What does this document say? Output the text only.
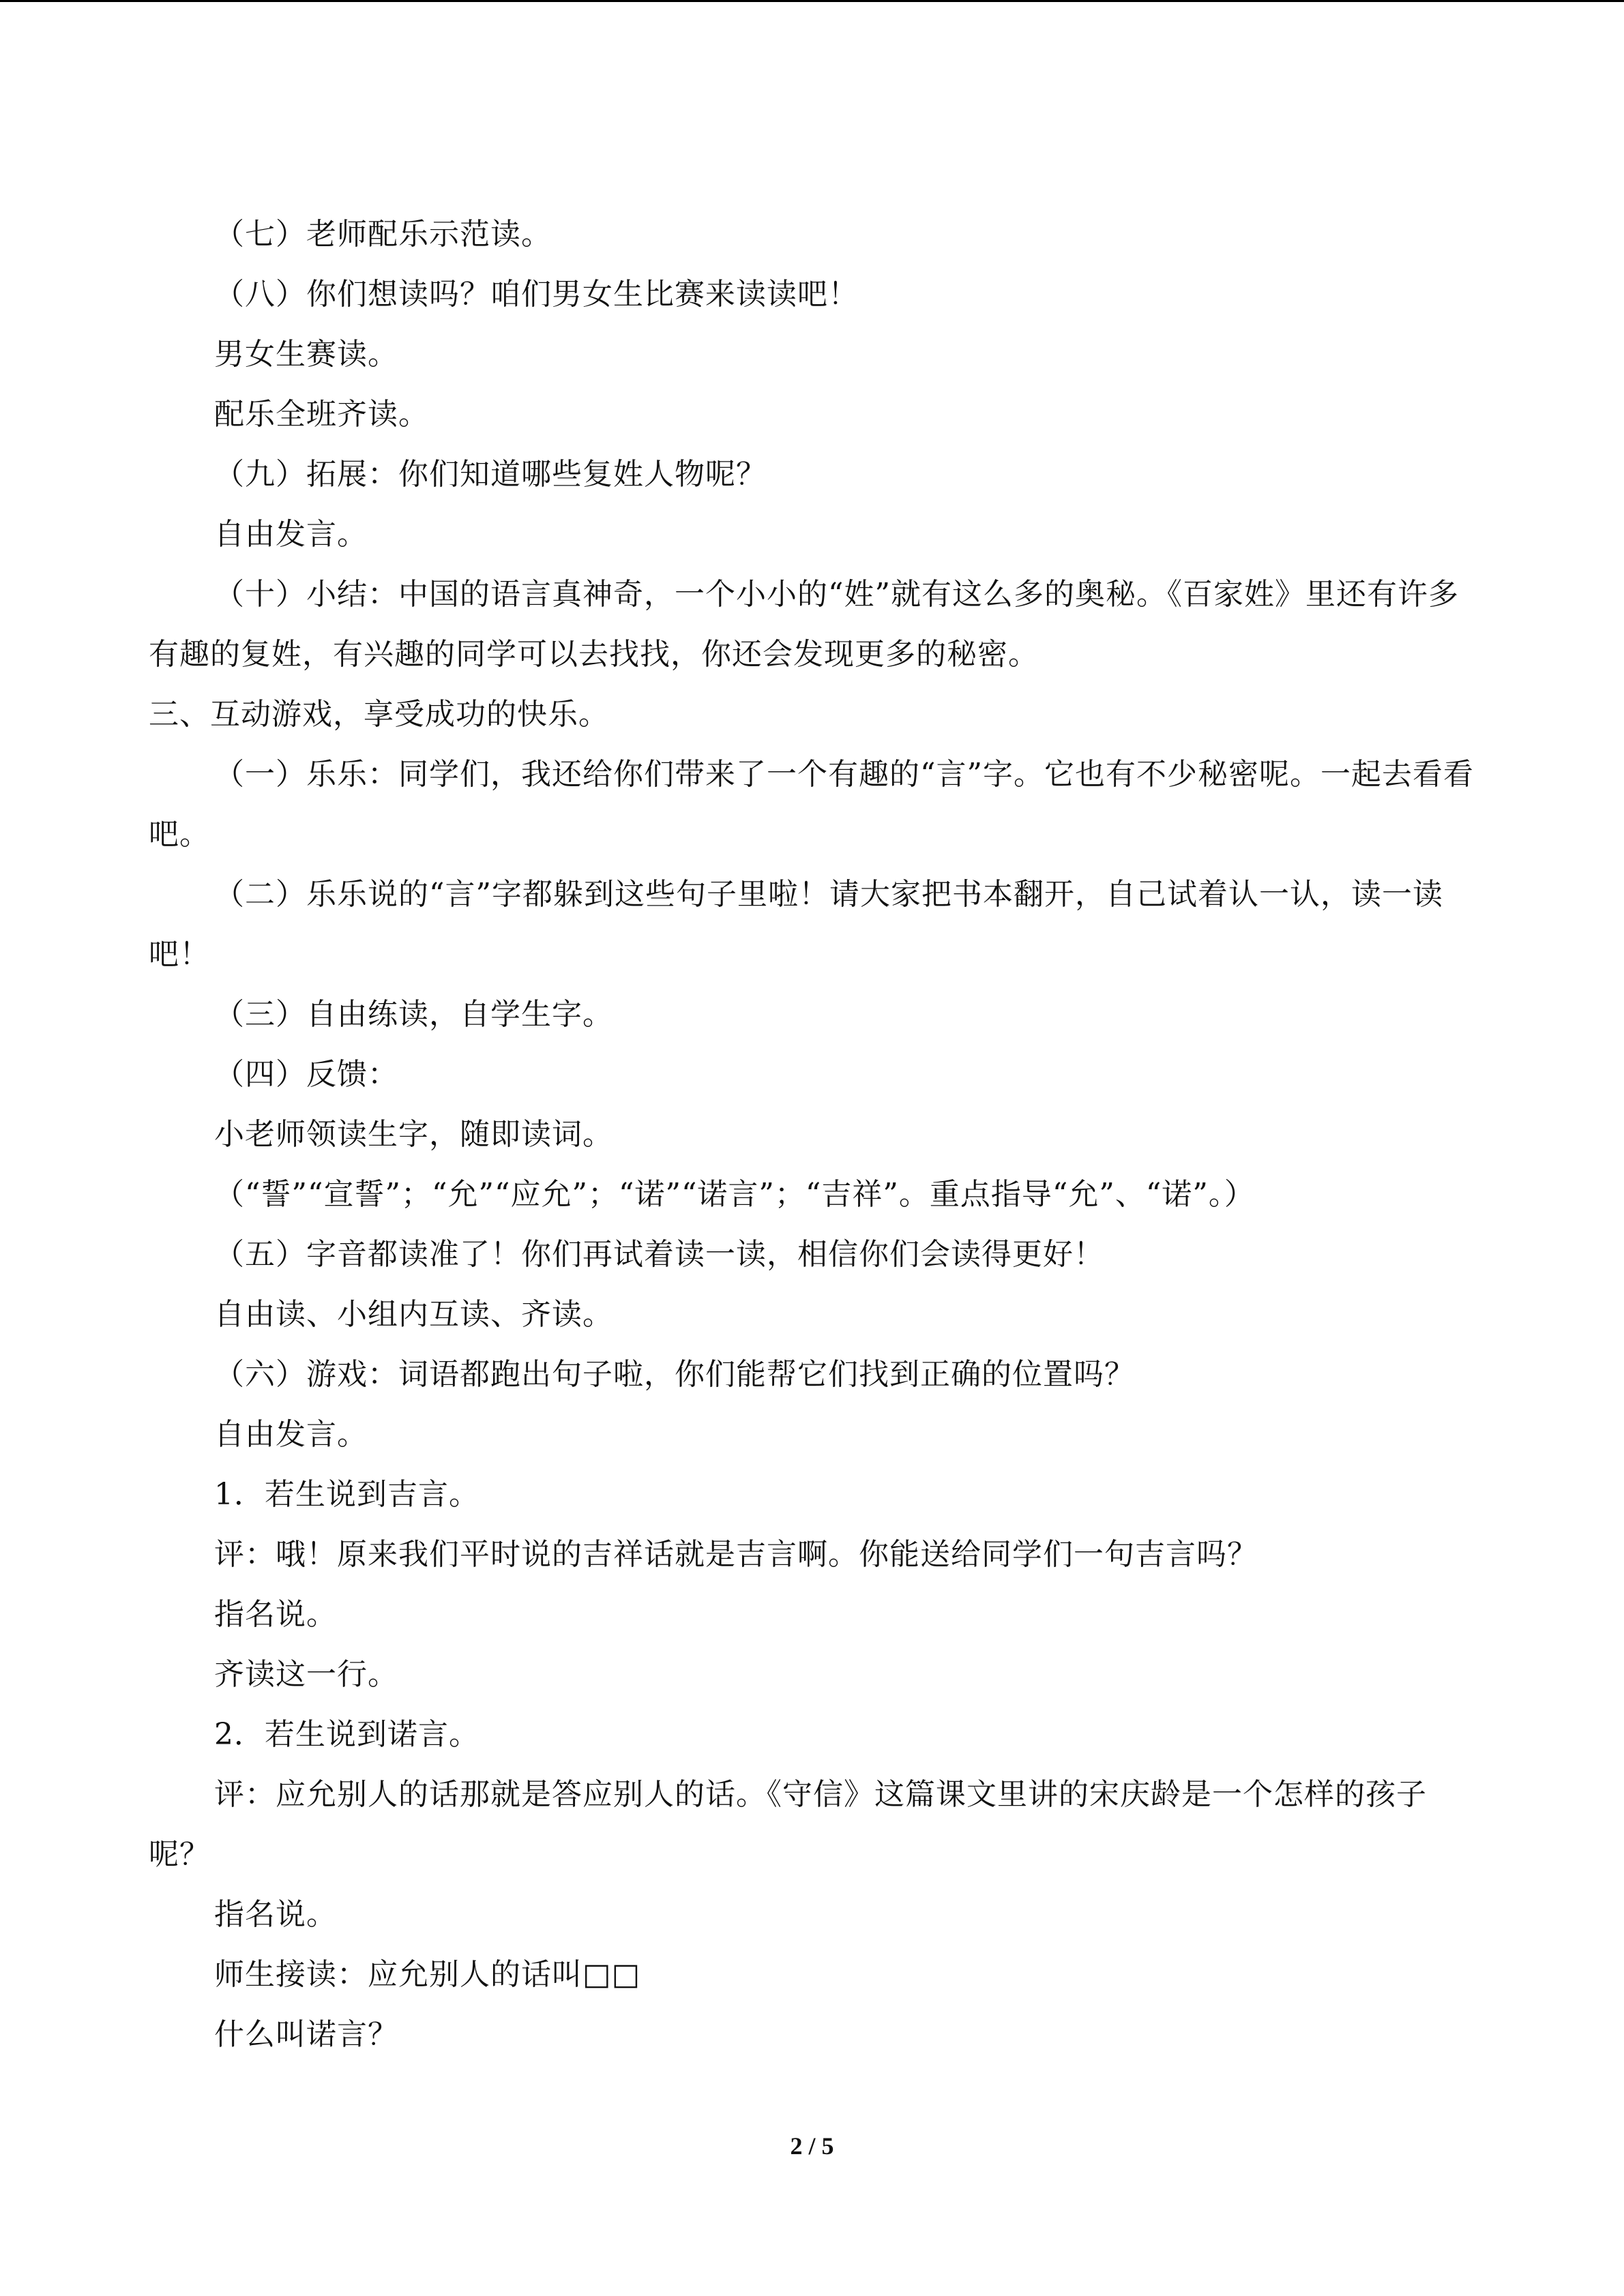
（七）老师配乐示范读。

（八）你们想读吗？咱们男女生比赛来读读吧！

男女生赛读。

配乐全班齐读。

（九）拓展：你们知道哪些复姓人物呢？

自由发言。

（十）小结：中国的语言真神奇，一个小小的“姓”就有这么多的奥秘。《百家姓》里还有许多有趣的复姓，有兴趣的同学可以去找找，你还会发现更多的秘密。

三、互动游戏，享受成功的快乐。

（一）乐乐：同学们，我还给你们带来了一个有趣的“言”字。它也有不少秘密呢。一起去看看吧。

（二）乐乐说的“言”字都躲到这些句子里啦！请大家把书本翻开，自己试着认一认，读一读吧！

（三）自由练读，自学生字。

（四）反馈：

小老师领读生字，随即读词。

（“誓”“宣誓”；“允”“应允”；“诺”“诺言”；“吉祥”。重点指导“允”、“诺”。）

（五）字音都读准了！你们再试着读一读，相信你们会读得更好！

自由读、小组内互读、齐读。

（六）游戏：词语都跑出句子啦，你们能帮它们找到正确的位置吗？

自由发言。

1．若生说到吉言。

评：哦！原来我们平时说的吉祥话就是吉言啊。你能送给同学们一句吉言吗？

指名说。

齐读这一行。

2．若生说到诺言。

评：应允别人的话那就是答应别人的话。《守信》这篇课文里讲的宋庆龄是一个怎样的孩子呢？

指名说。

师生接读：应允别人的话叫□□

什么叫诺言？

2 / 5
